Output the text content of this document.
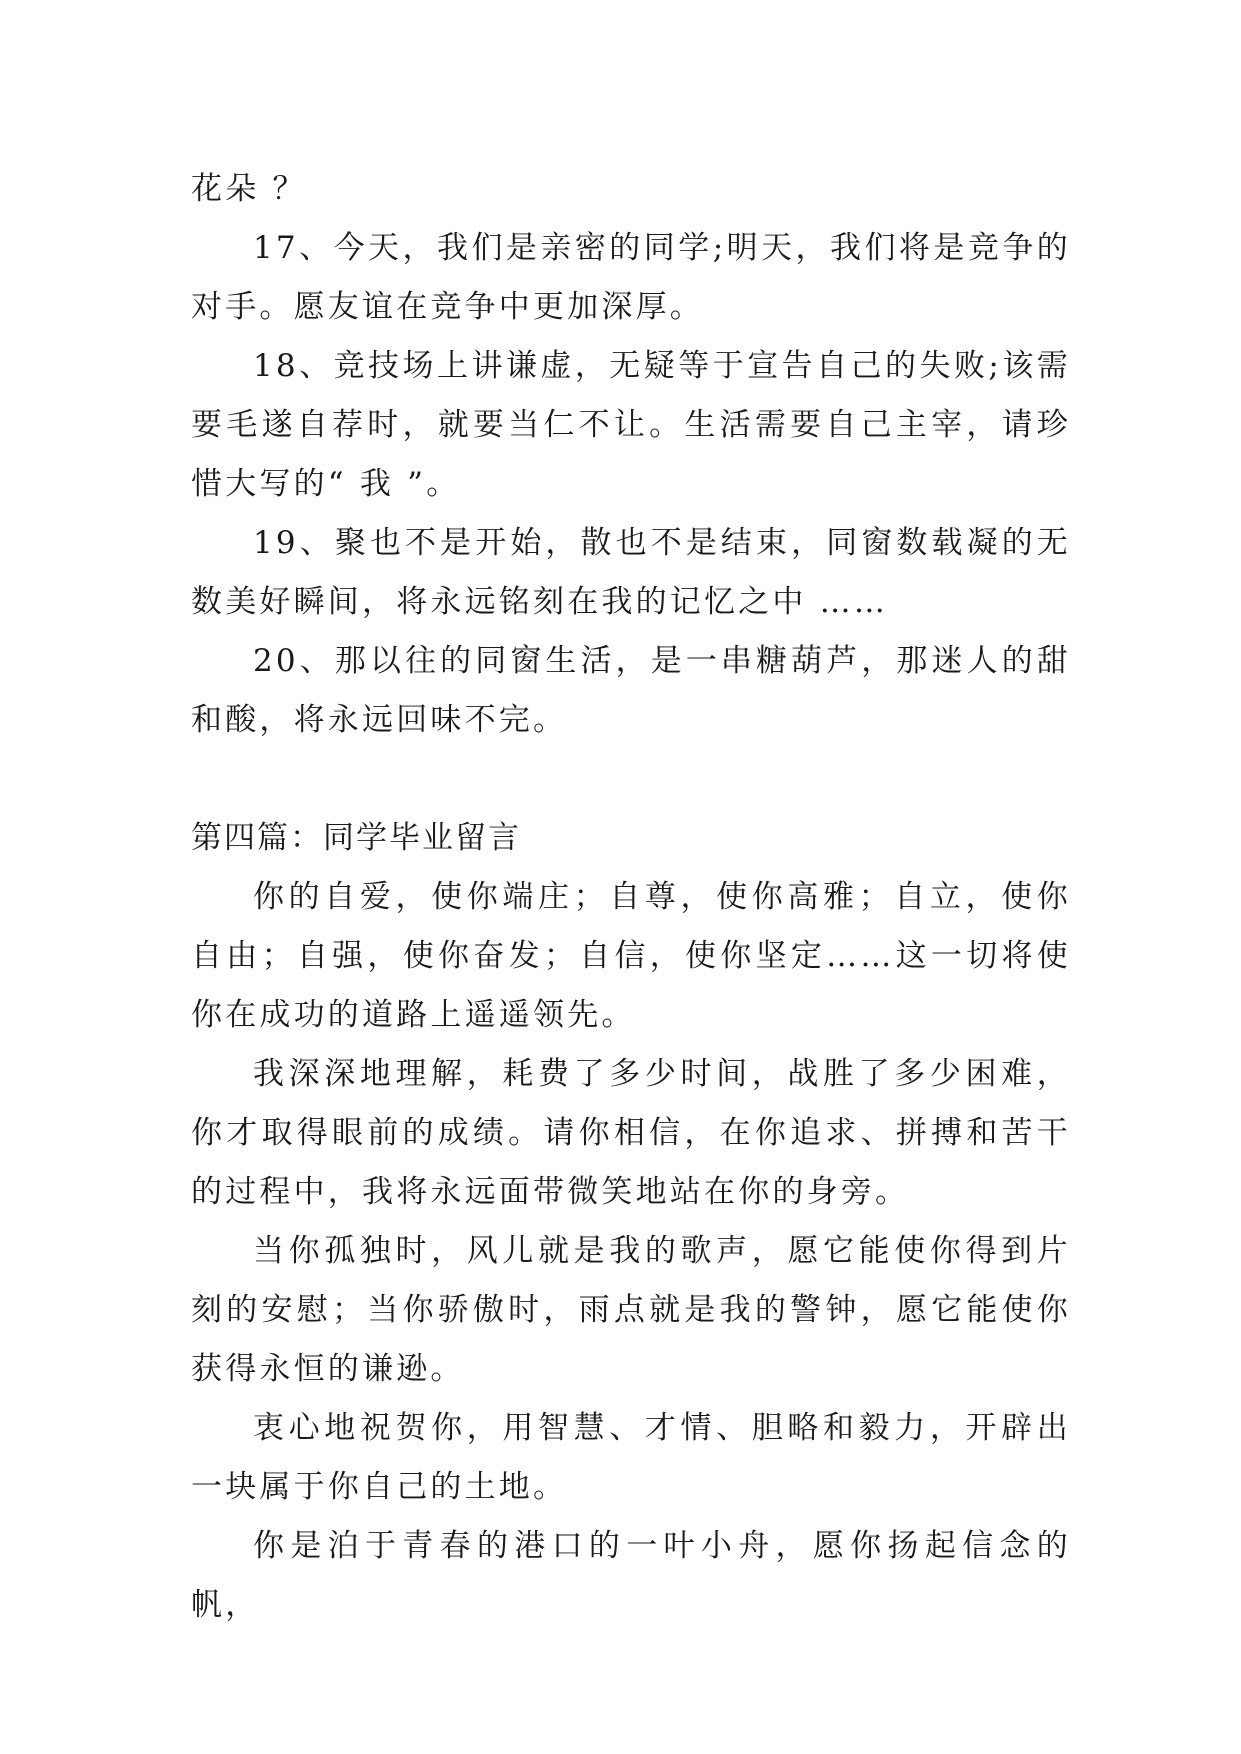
花朵 ？

17、今天，我们是亲密的同学;明天，我们将是竞争的对手。愿友谊在竞争中更加深厚。

18、竞技场上讲谦虚，无疑等于宣告自己的失败;该需要毛遂自荐时，就要当仁不让。生活需要自己主宰，请珍惜大写的“ 我 ”。

19、聚也不是开始，散也不是结束，同窗数载凝的无数美好瞬间，将永远铭刻在我的记忆之中 ……

20、那以往的同窗生活，是一串糖葫芦，那迷人的甜和酸，将永远回味不完。

第四篇：同学毕业留言

你的自爱，使你端庄；自尊，使你高雅；自立，使你自由；自强，使你奋发；自信，使你坚定……这一切将使你在成功的道路上遥遥领先。

我深深地理解，耗费了多少时间，战胜了多少困难，你才取得眼前的成绩。请你相信，在你追求、拼搏和苦干的过程中，我将永远面带微笑地站在你的身旁。

当你孤独时，风儿就是我的歌声，愿它能使你得到片刻的安慰；当你骄傲时，雨点就是我的警钟，愿它能使你获得永恒的谦逊。

衷心地祝贺你，用智慧、才情、胆略和毅力，开辟出一块属于你自己的土地。

你是泊于青春的港口的一叶小舟，愿你扬起信念的帆，
